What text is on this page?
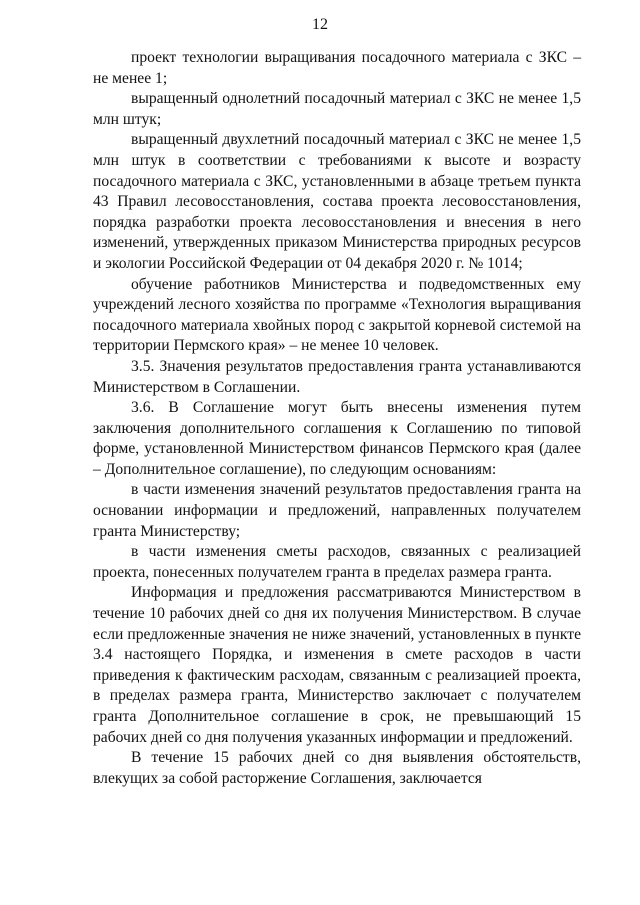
12

проект технологии выращивания посадочного материала с ЗКС – не менее 1;

выращенный однолетний посадочный материал с ЗКС не менее 1,5 млн штук;

выращенный двухлетний посадочный материал с ЗКС не менее 1,5 млн штук в соответствии с требованиями к высоте и возрасту посадочного материала с ЗКС, установленными в абзаце третьем пункта 43 Правил лесовосстановления, состава проекта лесовосстановления, порядка разработки проекта лесовосстановления и внесения в него изменений, утвержденных приказом Министерства природных ресурсов и экологии Российской Федерации от 04 декабря 2020 г. № 1014;

обучение работников Министерства и подведомственных ему учреждений лесного хозяйства по программе «Технология выращивания посадочного материала хвойных пород с закрытой корневой системой на территории Пермского края» – не менее 10 человек.

3.5. Значения результатов предоставления гранта устанавливаются Министерством в Соглашении.

3.6. В Соглашение могут быть внесены изменения путем заключения дополнительного соглашения к Соглашению по типовой форме, установленной Министерством финансов Пермского края (далее – Дополнительное соглашение), по следующим основаниям:

в части изменения значений результатов предоставления гранта на основании информации и предложений, направленных получателем гранта Министерству;

в части изменения сметы расходов, связанных с реализацией проекта, понесенных получателем гранта в пределах размера гранта.

Информация и предложения рассматриваются Министерством в течение 10 рабочих дней со дня их получения Министерством. В случае если предложенные значения не ниже значений, установленных в пункте 3.4 настоящего Порядка, и изменения в смете расходов в части приведения к фактическим расходам, связанным с реализацией проекта, в пределах размера гранта, Министерство заключает с получателем гранта Дополнительное соглашение в срок, не превышающий 15 рабочих дней со дня получения указанных информации и предложений.

В течение 15 рабочих дней со дня выявления обстоятельств, влекущих за собой расторжение Соглашения, заключается
